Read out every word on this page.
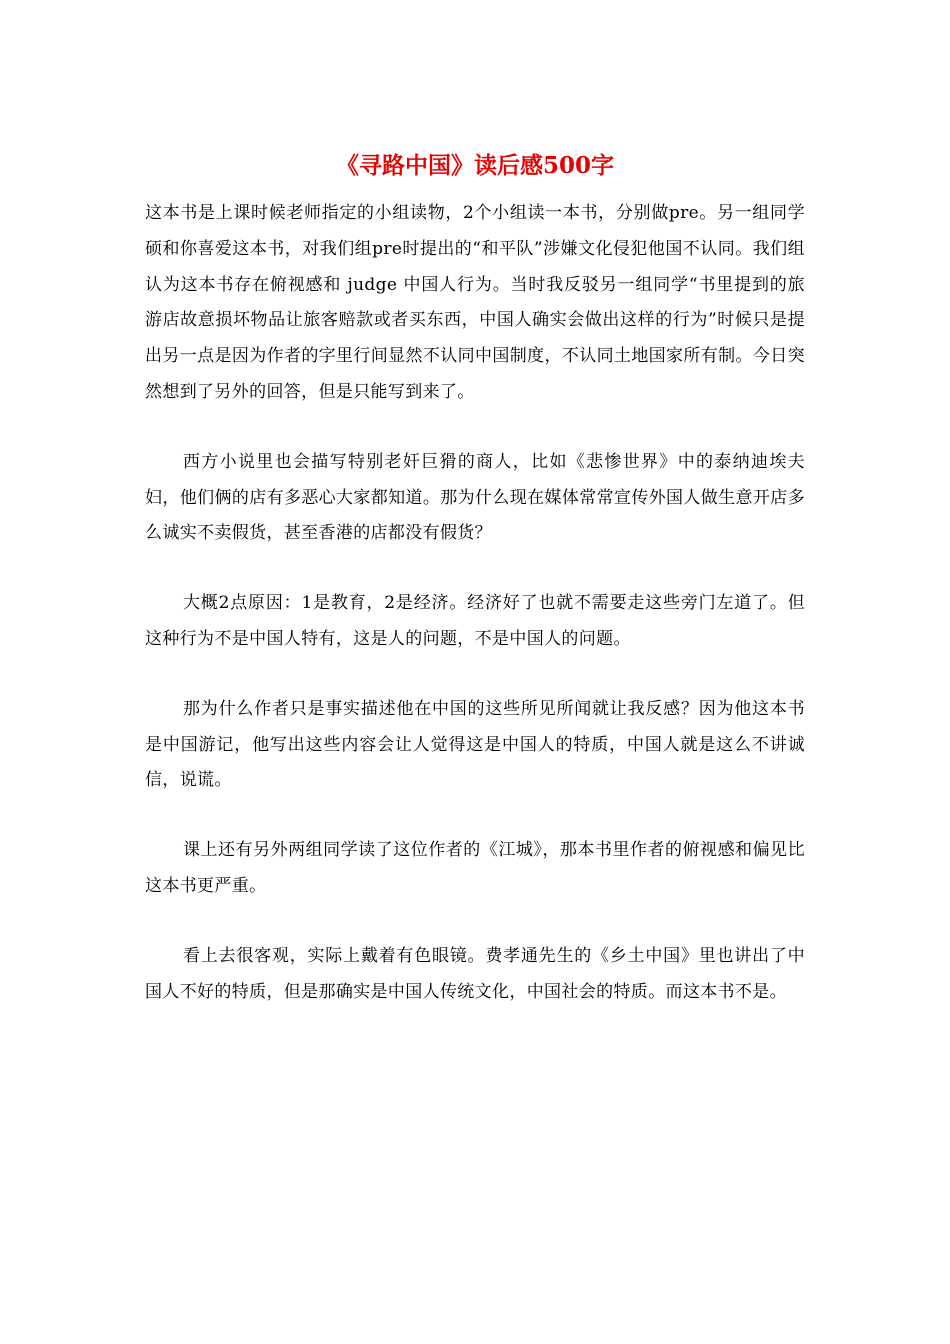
《寻路中国》读后感500字

这本书是上课时候老师指定的小组读物，2个小组读一本书，分别做pre。另一组同学硕和你喜爱这本书，对我们组pre时提出的“和平队”涉嫌文化侵犯他国不认同。我们组认为这本书存在俯视感和 judge 中国人行为。当时我反驳另一组同学“书里提到的旅游店故意损坏物品让旅客赔款或者买东西，中国人确实会做出这样的行为”时候只是提出另一点是因为作者的字里行间显然不认同中国制度，不认同土地国家所有制。今日突然想到了另外的回答，但是只能写到来了。

西方小说里也会描写特别老奸巨猾的商人，比如《悲惨世界》中的泰纳迪埃夫妇，他们俩的店有多恶心大家都知道。那为什么现在媒体常常宣传外国人做生意开店多么诚实不卖假货，甚至香港的店都没有假货？

大概2点原因：1是教育，2是经济。经济好了也就不需要走这些旁门左道了。但这种行为不是中国人特有，这是人的问题，不是中国人的问题。

那为什么作者只是事实描述他在中国的这些所见所闻就让我反感？因为他这本书是中国游记，他写出这些内容会让人觉得这是中国人的特质，中国人就是这么不讲诚信，说谎。

课上还有另外两组同学读了这位作者的《江城》，那本书里作者的俯视感和偏见比这本书更严重。

看上去很客观，实际上戴着有色眼镜。费孝通先生的《乡土中国》里也讲出了中国人不好的特质，但是那确实是中国人传统文化，中国社会的特质。而这本书不是。
